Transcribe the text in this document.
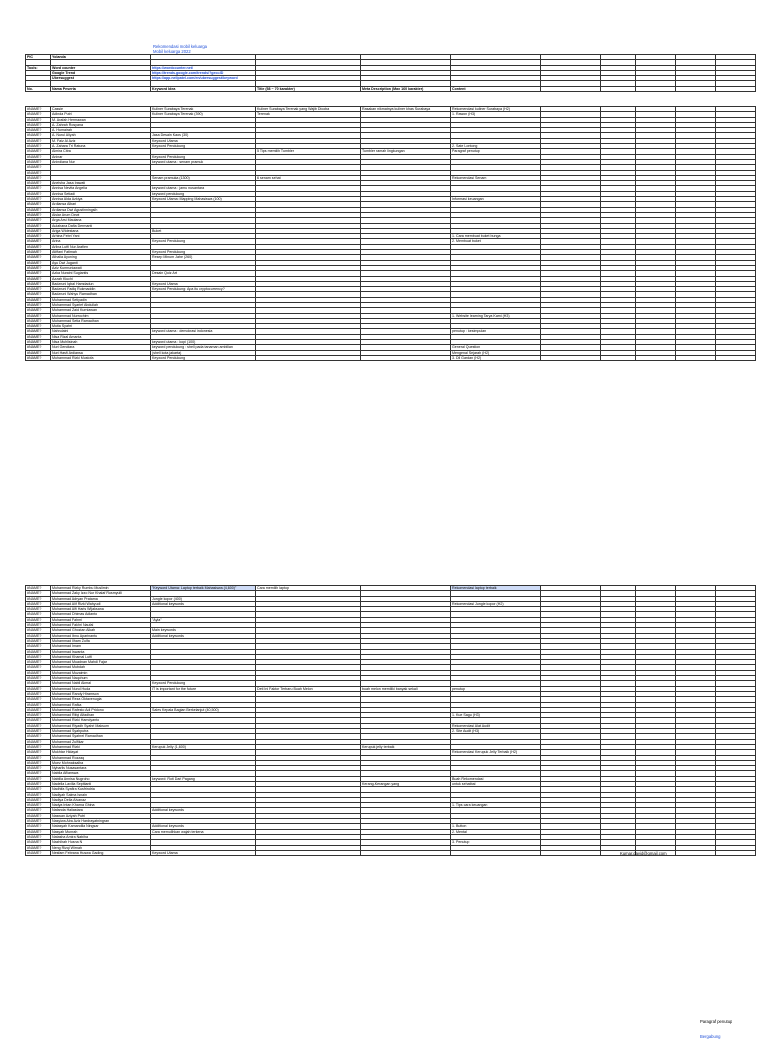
Rekomendasi mobil keluarga
Mobil keluarga 2022
PIC	Yolanda									

Tools:	Word counter	https://wordcounter.net/								
	Google Trend	https://trends.google.com/trends/?geo=ID								
	Ubersuggest	https://app.neilpatel.com/en/ubersuggest/keyword								

No.	Nama Peserta	Keyword Idea	Title (58 ~ 70 karakter)	Meta Description (Max 160 karakter)	Content					
#NAME?	Cassie	Kuliner Surabaya Terenak	Kuliner Surabaya Terenak yang Wajib Dicoba	Rasakan nikmatnya kuliner khas Surabaya	Rekomendasi kuliner Surabaya (H2)					
#NAME?	Adinda Putri	Kuliner Surabaya Terenak (390)	Terenak		1. Rawon (H3)					
#NAME?	M. Arafah Hermawan									
#NAME?	A. Zahrah Rosyana									
#NAME?	A. Humairah									
#NAME?	A. Nurul Aliyah	Jasa Desain Kaos (30)								
#NAME?	M. Faiz Al Aziz	Keyword Utama								
#NAME?	A. Zahara Tri Ratuna	Keyword Pendukung			2. Sate Lontong					
#NAME?	Almira Citra		5 Tips memilih Tumbler	Tumbler ramah lingkungan	Paragraf penutup					
#NAME?	Aninar	Keyword Pendukung								
#NAME?	Anindiana Nur	keyword utama : senam pramuk								
#NAME?										
#NAME?										
#NAME?		Senam pramuka (1300)	6 senam sehat		Rekomendasi Senam					
#NAME?	Aneisha Jasa Irawati									
#NAME?	Annisa Nevita Angelia	keyword utama : jamu nusantara								
#NAME?	Annisa Setiadi	keyword pendukung								
#NAME?	Annisa Alda Azkiya	Keyword Utama: Mapping Mahasiswa (100)			Informasi keuangan					
#NAME?	Ardiansa Albari									
#NAME?	Ardiansa Dwi Agustinningsih									
#NAME?	Aisiar Arum Dewi									
#NAME?	Arga Arsi Maulana									
#NAME?	Aulahana Dafia Dermanti									
#NAME?	Ariga Widestana	Buket								
#NAME?	Arhina Febri Yani				1. Cara membuat buket bunga					
#NAME?	Arina	Keyword Pendukung			2. Membuat buket					
#NAME?	Arlina Lutfi Nur Arafien									
#NAME?	Atiffani Fatimah	Keyword Pendukung								
#NAME?	Athalia Ayuning	Resep Minum Jahe (260)								
#NAME?	Ayu Dwi Juganti									
#NAME?	Aziz Kumruniawati									
#NAME?	Azka Nuraini Sugiantis	Desain Quiz Art								
#NAME?	Azzah Kiuchi									
#NAME?	Badzruni Iqbal Hamdadun	Keyword Utama								
#NAME?	Badzruni Fadiq Rukmaddin	Keyword Pendukung: Apa itu cryptocurrency?								
#NAME?	Badzruni Wahyu Ramadhan									
#NAME?	Muhammad Setiyadin									
#NAME?	Muhammad Syarief Abdullah									
#NAME?	Muhammad Zaid Kurniawan									
#NAME?	Muhammad Nurrochim				1. Website learning Tarya Kami (H3)					
#NAME?	Muhammad Setia Ramadhan									
#NAME?	Mutia Syahri									
#NAME?	Nahrulaini	keyword utama : demokrasi indonesia			penutup : kesimpulan					
#NAME?	Nisa Rizal Amanta									
#NAME?	Nisa Muhlisinah	keyword utama : kopi (100)								
#NAME?	Nuri Gendiara	keyword pendukung : shell pada tanaman ambilian			General Question					
#NAME?	Nuri Hasfi Ardiansa	(shell kota jakarta)			Mengenal Sejarah (H2)					
#NAME?	Muhammad Rizki Mustofa	Keyword Pendukung			3. Dll Gardan (H2)					
#NAME?	Muhammad Rizky Rumbu Muslimin	"Keyword Utama: Laptop terbaik Mahasiswa (4,600)"	Cara memilih laptop		Rekomendasi laptop terbaik					
#NAME?	Muhammad Zaky Izzo Nur Khalaf Rusmyulli									
#NAME?	Muhammad Adryan Pratama	Jungle kopor (400)								
#NAME?	Muhammad Alif Rizki Wahyudi	Additional keywords			Rekomendasi Jungle kopor (H2)					
#NAME?	Muhammad Alfi Haris Wijaksana									
#NAME?	Muhammad Dhimas Adianto									
#NAME?	Muhammad Fahmi	"Ayla"								
#NAME?	Muhammad Fakhri Naufal									
#NAME?	Muhammad Ghozian Alkah	Main keywords								
#NAME?	Muhammad Ibnu Aparinantu	Additional keywords								
#NAME?	Muhammad Ilham Zulfa									
#NAME?	Muhammad Imam									
#NAME?	Muhammad Iswanta									
#NAME?	Muhammad Khamal Lutfi									
#NAME?	Muhammad Muadnan Mahdi Fajar									
#NAME?	Muhammad Mubdah									
#NAME?	Muhammad Muzaimin									
#NAME?	Muhammad Naqohum									
#NAME?	Muhammad Nabil Akmal	Keyword Pendukung								
#NAME?	Muhammad Nurul Huda	IT is important for the future	Deti Ini Faktor Terbaru Buah Melon	buah melon memiliki banyak sekali	penutup					
#NAME?	Muhammad Randy Hiramson									
#NAME?	Muhammad Reza Oktavenugia									
#NAME?	Muhammad Rafka									
#NAME?	Muhammad Rafesto Adi Pridono	Sales Kepala Bagian Berkelanjut (40,500)								
#NAME?	Muhammad Rifqi Alfadhan				1. Kue Sagu (H3)					
#NAME?	Muhammad Rizki Hamdyanto									
#NAME?	Muhammad Riyadh Syahri Maksum				Rekomendasi Alat Audit					
#NAME?	Muhammad Syahputra				2. Site Audit (H3)					
#NAME?	Muhammad Syahrel Ramadhan									
#NAME?	Muhammad Zulfikar									
#NAME?	Muhammad Rizki	Kerupuk Jelly (1,600)		Kerupuk jelly terbaik						
#NAME?	Mukhtar Hidayat				Rekomendasi Kerupuk Jelly Terbaik (H2)					
#NAME?	Muhammad Rozzaq									
#NAME?	Muez Mohnaksalha									
#NAME?	Nyharlis Nusasantara									
#NAME?	Nabila Aflianswa									
#NAME?	Nabilla Annisa Nugroho	keyword: Roti Dari Pagang			Buah Rekomendasi					
#NAME?	Nadella Lavilia Sepitianti			Kerang-Kerangan yang	untuk sehatbal					
#NAME?	Nadhifa Syafira Kusfrindria									
#NAME?	Nadiyah Salma Isnain									
#NAME?	Nadiya Della Alvanaz									
#NAME?	Nadya Intan Kharna Ghina				1. Tips cara keuangan					
#NAME?	Nafanda Haliastara	Additional keywords								
#NAME?	Naswan Aziyah Putri									
#NAME?	Nasyiwa Alra Aziz Hardrayatningran									
#NAME?	Natasyah Kamandila Ningsar	Additional keywords			1. Button					
#NAME?	Nasyah Munrah	Cara memulihkan wajah terkena			2. Mental					
#NAME?	Natasha Amira Nabiha									
#NAME?	Nazhihah Husna N				3. Penutup					
#NAME?	Neng Rizqi Wirnah									
#NAME?	Nesfam Febrana Huswa Gading	Keyword Utama									Kumar.david@gmail.com
Paragraf penutup
Bergabung
